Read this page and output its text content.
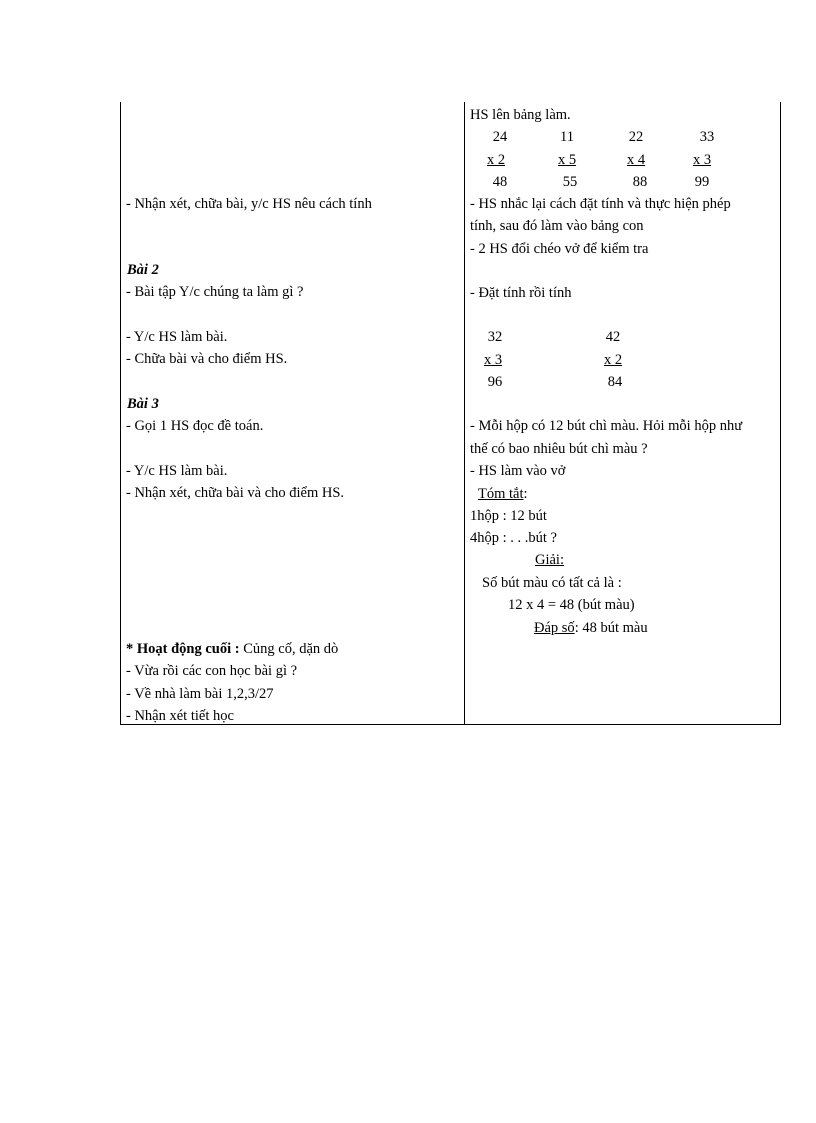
- Nhận xét, chữa bài, y/c HS nêu cách tính
Bài 2
- Bài tập Y/c chúng ta làm gì ?
- Y/c HS làm bài.
- Chữa bài và cho điểm HS.
Bài 3
- Gọi 1 HS đọc đề toán.
- Y/c HS làm bài.
- Nhận xét, chữa bài và cho điểm HS.
* Hoạt động cuối : Củng cố, dặn dò
- Vừa rồi các con học bài gì ?
- Về nhà làm bài 1,2,3/27
- Nhận xét tiết học
HS lên bảng làm.
24
x 2
48
11
x 5
55
22
x 4
88
33
x 3
99
- HS nhắc lại cách đặt tính và thực hiện phép
tính, sau đó làm vào bảng con
- 2 HS đổi chéo vở để kiểm tra
- Đặt tính rồi tính
32
x 3
96
42
x 2
84
- Mỗi hộp có 12 bút chì màu. Hỏi mỗi hộp như
thế có bao nhiêu bút chì màu ?
- HS làm vào vở
Tóm tắt:
1hộp : 12 bút
4hộp : . . .bút ?
Giải:
Số bút màu có tất cả là :
12 x 4 = 48 (bút màu)
Đáp số: 48 bút màu
